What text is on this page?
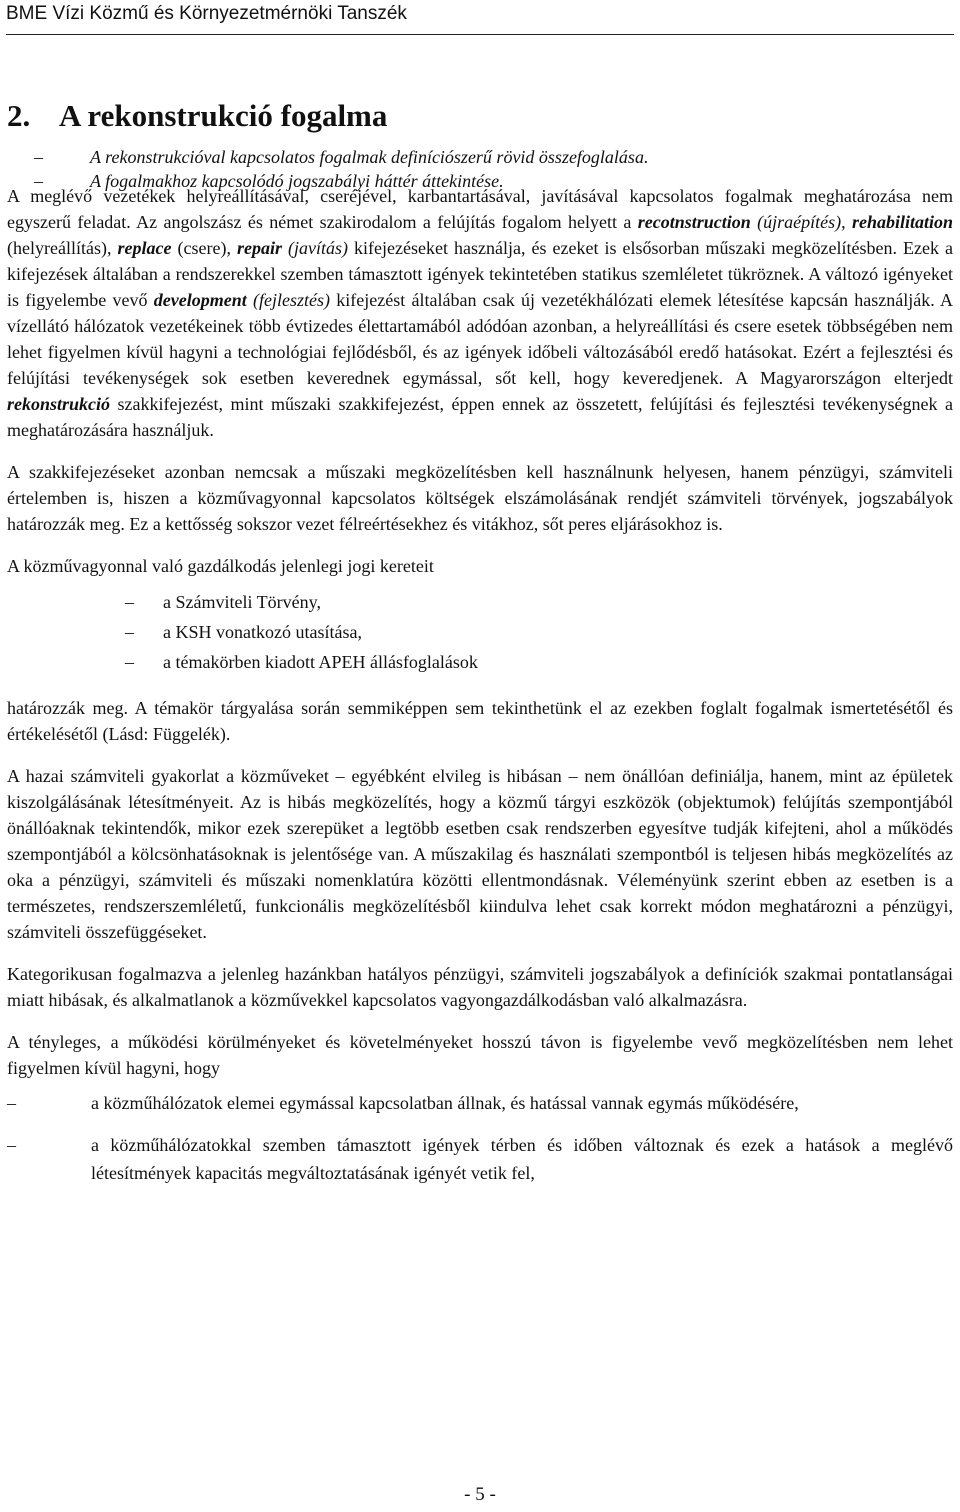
BME Vízi Közmű és Környezetmérnöki Tanszék
2. A rekonstrukció fogalma
–	A rekonstrukcióval kapcsolatos fogalmak definíciószerű rövid összefoglalása.
–	A fogalmakhoz kapcsolódó jogszabályi háttér áttekintése.

A meglévő vezetékek helyreállításával, cseréjével, karbantartásával, javításával kapcsolatos fogalmak meghatározása nem egyszerű feladat. Az angolszász és német szakirodalom a felújítás fogalom helyett a recotnstruction (újraépítés), rehabilitation (helyreállítás), replace (csere), repair (javítás) kifejezéseket használja, és ezeket is elsősorban műszaki megközelítésben. Ezek a kifejezések általában a rendszerekkel szemben támasztott igények tekintetében statikus szemléletet tükröznek. A változó igényeket is figyelembe vevő development (fejlesztés) kifejezést általában csak új vezetékhálózati elemek létesítése kapcsán használják. A vízellátó hálózatok vezetékeinek több évtizedes élettartamából adódóan azonban, a helyreállítási és csere esetek többségében nem lehet figyelmen kívül hagyni a technológiai fejlődésből, és az igények időbeli változásából eredő hatásokat. Ezért a fejlesztési és felújítási tevékenységek sok esetben keverednek egymással, sőt kell, hogy keveredjenek. A Magyarországon elterjedt rekonstrukció szakkifejezést, mint műszaki szakkifejezést, éppen ennek az összetett, felújítási és fejlesztési tevékenységnek a meghatározására használjuk.

A szakkifejezéseket azonban nemcsak a műszaki megközelítésben kell használnunk helyesen, hanem pénzügyi, számviteli értelemben is, hiszen a közművagyonnal kapcsolatos költségek elszámolásának rendjét számviteli törvények, jogszabályok határozzák meg. Ez a kettősség sokszor vezet félreértésekhez és vitákhoz, sőt peres eljárásokhoz is.

A közművagyonnal való gazdálkodás jelenlegi jogi kereteit

–	a Számviteli Törvény,
–	a KSH vonatkozó utasítása,
–	a témakörben kiadott APEH állásfoglalások

határozzák meg. A témakör tárgyalása során semmiképpen sem tekinthetünk el az ezekben foglalt fogalmak ismertetésétől és értékelésétől (Lásd: Függelék).

A hazai számviteli gyakorlat a közműveket – egyébként elvileg is hibásan – nem önállóan definiálja, hanem, mint az épületek kiszolgálásának létesítményeit. Az is hibás megközelítés, hogy a közmű tárgyi eszközök (objektumok) felújítás szempontjából önállóaknak tekintendők, mikor ezek szerepüket a legtöbb esetben csak rendszerben egyesítve tudják kifejteni, ahol a működés szempontjából a kölcsönhatásoknak is jelentősége van. A műszakilag és használati szempontból is teljesen hibás megközelítés az oka a pénzügyi, számviteli és műszaki nomenklatúra közötti ellentmondásnak. Véleményünk szerint ebben az esetben is a természetes, rendszerszemléletű, funkcionális megközelítésből kiindulva lehet csak korrekt módon meghatározni a pénzügyi, számviteli összefüggéseket.

Kategorikusan fogalmazva a jelenleg hazánkban hatályos pénzügyi, számviteli jogszabályok a definíciók szakmai pontatlanságai miatt hibásak, és alkalmatlanok a közművekkel kapcsolatos vagyongazdálkodásban való alkalmazásra.

A tényleges, a működési körülményeket és követelményeket hosszú távon is figyelembe vevő megközelítésben nem lehet figyelmen kívül hagyni, hogy

–	a közműhálózatok elemei egymással kapcsolatban állnak, és hatással vannak egymás működésére,
–	a közműhálózatokkal szemben támasztott igények térben és időben változnak és ezek a hatások a meglévő létesítmények kapacitás megváltoztatásának igényét vetik fel,
- 5 -
